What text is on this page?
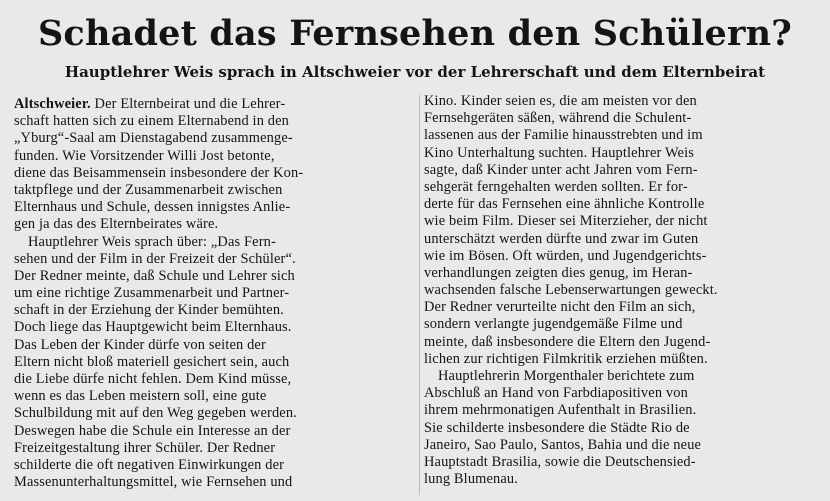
Schadet das Fernsehen den Schülern?
Hauptlehrer Weis sprach in Altschweier vor der Lehrerschaft und dem Elternbeirat
Altschweier. Der Elternbeirat und die Lehrer-
schaft hatten sich zu einem Elternabend in den
„Yburg“-Saal am Dienstagabend zusammenge-
funden. Wie Vorsitzender Willi Jost betonte,
diene das Beisammensein insbesondere der Kon-
taktpflege und der Zusammenarbeit zwischen
Elternhaus und Schule, dessen innigstes Anlie-
gen ja das des Elternbeirates wäre.
Hauptlehrer Weis sprach über: „Das Fern-
sehen und der Film in der Freizeit der Schüler“.
Der Redner meinte, daß Schule und Lehrer sich
um eine richtige Zusammenarbeit und Partner-
schaft in der Erziehung der Kinder bemühten.
Doch liege das Hauptgewicht beim Elternhaus.
Das Leben der Kinder dürfe von seiten der
Eltern nicht bloß materiell gesichert sein, auch
die Liebe dürfe nicht fehlen. Dem Kind müsse,
wenn es das Leben meistern soll, eine gute
Schulbildung mit auf den Weg gegeben werden.
Deswegen habe die Schule ein Interesse an der
Freizeitgestaltung ihrer Schüler. Der Redner
schilderte die oft negativen Einwirkungen der
Massenunterhaltungsmittel, wie Fernsehen und
Kino. Kinder seien es, die am meisten vor den
Fernsehgeräten säßen, während die Schulent-
lassenen aus der Familie hinausstrebten und im
Kino Unterhaltung suchten. Hauptlehrer Weis
sagte, daß Kinder unter acht Jahren vom Fern-
sehgerät ferngehalten werden sollten. Er for-
derte für das Fernsehen eine ähnliche Kontrolle
wie beim Film. Dieser sei Miterzieher, der nicht
unterschätzt werden dürfte und zwar im Guten
wie im Bösen. Oft würden, und Jugendgerichts-
verhandlungen zeigten dies genug, im Heran-
wachsenden falsche Lebenserwartungen geweckt.
Der Redner verurteilte nicht den Film an sich,
sondern verlangte jugendgemäße Filme und
meinte, daß insbesondere die Eltern den Jugend-
lichen zur richtigen Filmkritik erziehen müßten.
Hauptlehrerin Morgenthaler berichtete zum
Abschluß an Hand von Farbdiapositiven von
ihrem mehrmonatigen Aufenthalt in Brasilien.
Sie schilderte insbesondere die Städte Rio de
Janeiro, Sao Paulo, Santos, Bahia und die neue
Hauptstadt Brasilia, sowie die Deutschensied-
lung Blumenau.
